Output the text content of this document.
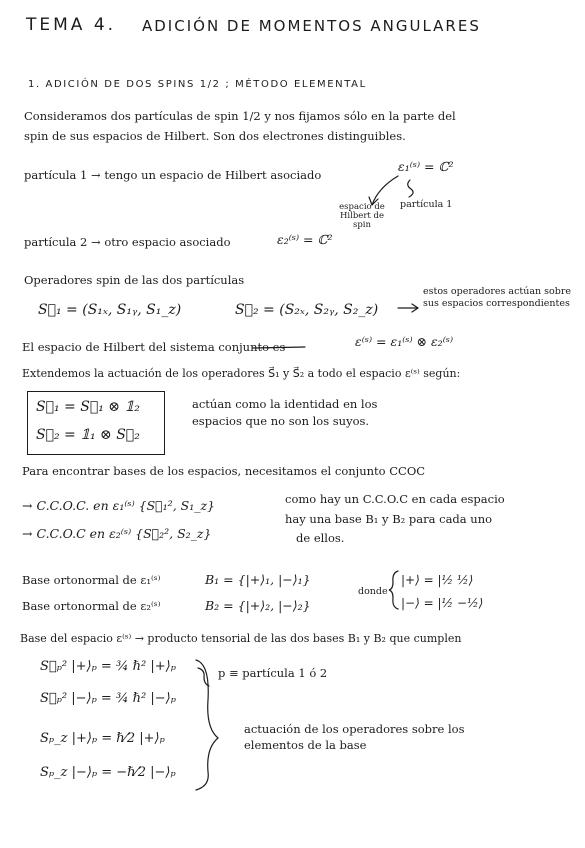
TEMA 4. ADICIÓN DE MOMENTOS ANGULARES
1. ADICIÓN DE DOS SPINS 1/2 ; MÉTODO ELEMENTAL
Consideramos dos partículas de spin 1/2 y nos fijamos sólo en la parte del
spin de sus espacios de Hilbert. Son dos electrones distinguibles.
partícula 1 → tengo un espacio de Hilbert asociado
ε₁⁽ˢ⁾ = ℂ²
espacio de Hilbert de spin
partícula 1
partícula 2 → otro espacio asociado	ε₂⁽ˢ⁾ = ℂ²
Operadores spin de las dos partículas
S⃗₁ = (S₁ₓ, S₁ᵧ, S₁_z)	S⃗₂ = (S₂ₓ, S₂ᵧ, S₂_z)
estos operadores actúan sobre sus espacios correspondientes
El espacio de Hilbert del sistema conjunto es	ε⁽ˢ⁾ = ε₁⁽ˢ⁾ ⊗ ε₂⁽ˢ⁾
Extendemos la actuación de los operadores S⃗₁ y S⃗₂ a todo el espacio ε⁽ˢ⁾ según:
S⃗₁ = S⃗₁ ⊗ 𝟙₂
S⃗₂ = 𝟙₁ ⊗ S⃗₂
actúan como la identidad en los
espacios que no son los suyos.
Para encontrar bases de los espacios, necesitamos el conjunto CCOC
→ C.C.O.C. en ε₁⁽ˢ⁾ {S⃗₁², S₁_z}
→ C.C.O.C en ε₂⁽ˢ⁾ {S⃗₂², S₂_z}
como hay un C.C.O.C en cada espacio
hay una base B₁ y B₂ para cada uno
de ellos.
Base ortonormal de ε₁⁽ˢ⁾	B₁ = {|+⟩₁, |−⟩₁}
Base ortonormal de ε₂⁽ˢ⁾	B₂ = {|+⟩₂, |−⟩₂}
donde
|+⟩ = |½ ½⟩
|−⟩ = |½ −½⟩
Base del espacio ε⁽ˢ⁾ → producto tensorial de las dos bases B₁ y B₂ que cumplen
S⃗ₚ² |+⟩ₚ = ¾ ℏ² |+⟩ₚ
S⃗ₚ² |−⟩ₚ = ¾ ℏ² |−⟩ₚ
Sₚ_z |+⟩ₚ = ℏ⁄2 |+⟩ₚ
Sₚ_z |−⟩ₚ = −ℏ⁄2 |−⟩ₚ
p ≡ partícula 1 ó 2
actuación de los operadores sobre los
elementos de la base
